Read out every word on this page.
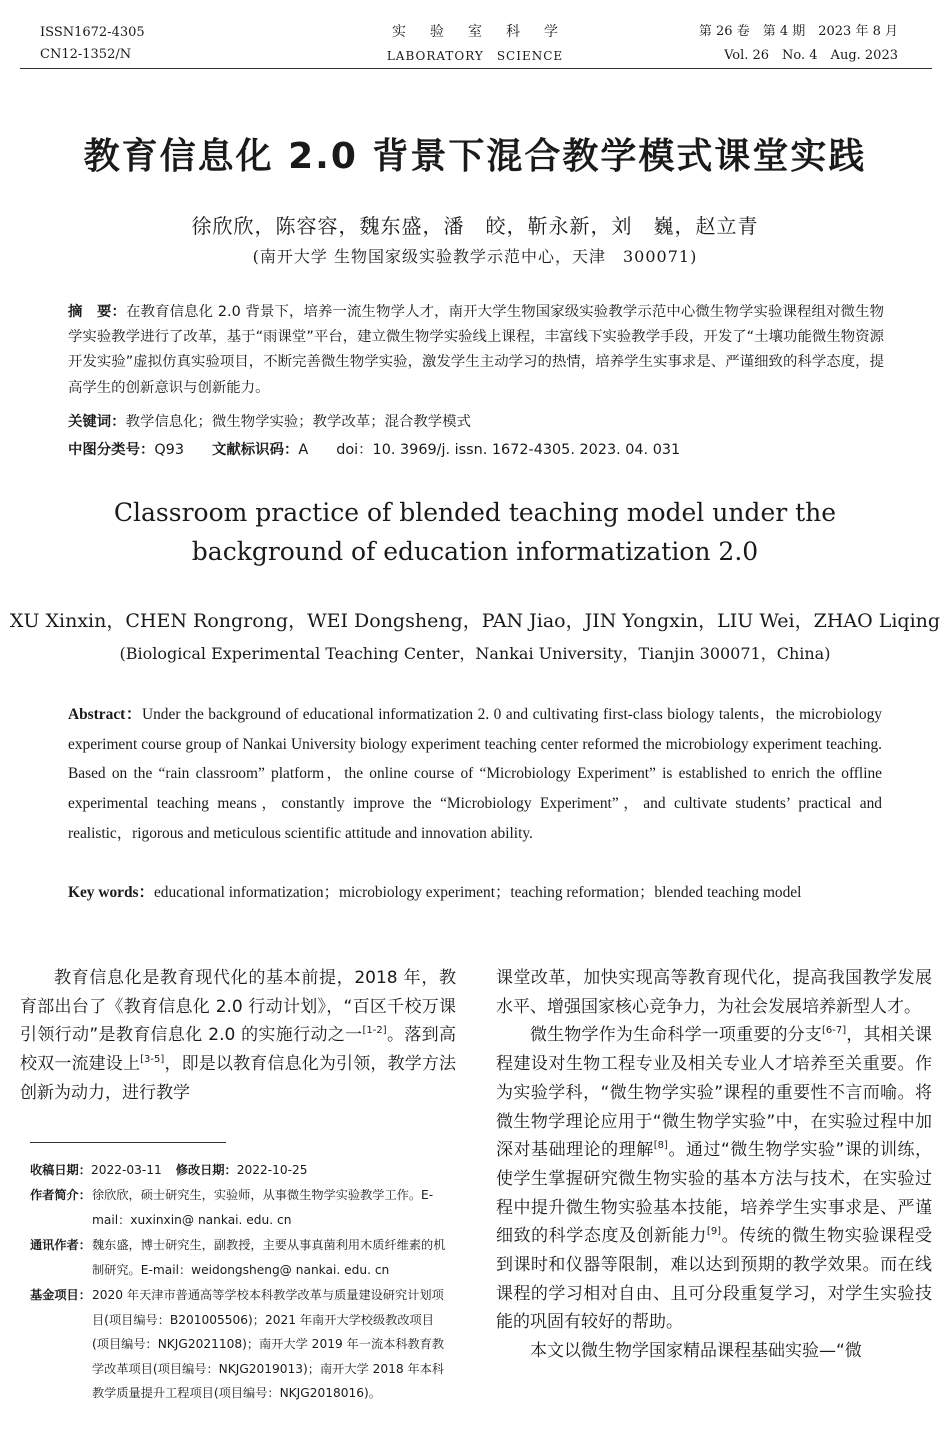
ISSN1672-4305
CN12-1352/N
实验室科学
LABORATORY　SCIENCE
第 26 卷　第 4 期　2023 年 8 月
Vol. 26　No. 4　Aug. 2023
教育信息化 2.0 背景下混合教学模式课堂实践
徐欣欣，陈容容，魏东盛，潘　皎，靳永新，刘　巍，赵立青
(南开大学 生物国家级实验教学示范中心，天津　300071)
摘　要：在教育信息化 2.0 背景下，培养一流生物学人才，南开大学生物国家级实验教学示范中心微生物学实验课程组对微生物学实验教学进行了改革，基于“雨课堂”平台，建立微生物学实验线上课程，丰富线下实验教学手段，开发了“土壤功能微生物资源开发实验”虚拟仿真实验项目，不断完善微生物学实验，激发学生主动学习的热情，培养学生实事求是、严谨细致的科学态度，提高学生的创新意识与创新能力。
关键词：教学信息化；微生物学实验；教学改革；混合教学模式
中图分类号：Q93 文献标识码：A doi：10. 3969/j. issn. 1672-4305. 2023. 04. 031
Classroom practice of blended teaching model under the
background of education informatization 2.0
XU Xinxin，CHEN Rongrong，WEI Dongsheng，PAN Jiao，JIN Yongxin，LIU Wei，ZHAO Liqing
(Biological Experimental Teaching Center，Nankai University，Tianjin 300071，China)
Abstract：Under the background of educational informatization 2. 0 and cultivating first-class biology talents，the microbiology experiment course group of Nankai University biology experiment teaching center reformed the microbiology experiment teaching. Based on the “rain classroom” platform，the online course of “Microbiology Experiment” is established to enrich the offline experimental teaching means，constantly improve the “Microbiology Experiment”，and cultivate students’ practical and realistic，rigorous and meticulous scientific attitude and innovation ability.
Key words：educational informatization；microbiology experiment；teaching reformation；blended teaching model

教育信息化是教育现代化的基本前提，2018 年，教育部出台了《教育信息化 2.0 行动计划》，“百区千校万课引领行动”是教育信息化 2.0 的实施行动之一[1-2]。落到高校双一流建设上[3-5]，即是以教育信息化为引领，教学方法创新为动力，进行教学

课堂改革，加快实现高等教育现代化，提高我国教学发展水平、增强国家核心竞争力，为社会发展培养新型人才。

微生物学作为生命科学一项重要的分支[6-7]，其相关课程建设对生物工程专业及相关专业人才培养至关重要。作为实验学科，“微生物学实验”课程的重要性不言而喻。将微生物学理论应用于“微生物学实验”中，在实验过程中加深对基础理论的理解[8]。通过“微生物学实验”课的训练，使学生掌握研究微生物实验的基本方法与技术，在实验过程中提升微生物实验基本技能，培养学生实事求是、严谨细致的科学态度及创新能力[9]。传统的微生物实验课程受到课时和仪器等限制，难以达到预期的教学效果。而在线课程的学习相对自由、且可分段重复学习，对学生实验技能的巩固有较好的帮助。

本文以微生物学国家精品课程基础实验—“微

收稿日期：2022-03-11 修改日期：2022-10-25
作者简介：徐欣欣，硕士研究生，实验师，从事微生物学实验教学工作。E-mail：xuxinxin@ nankai. edu. cn
通讯作者：魏东盛，博士研究生，副教授，主要从事真菌利用木质纤维素的机制研究。E-mail：weidongsheng@ nankai. edu. cn
基金项目：2020 年天津市普通高等学校本科教学改革与质量建设研究计划项目(项目编号：B201005506)；2021 年南开大学校级教改项目(项目编号：NKJG2021108)；南开大学 2019 年一流本科教育教学改革项目(项目编号：NKJG2019013)；南开大学 2018 年本科教学质量提升工程项目(项目编号：NKJG2018016)。
